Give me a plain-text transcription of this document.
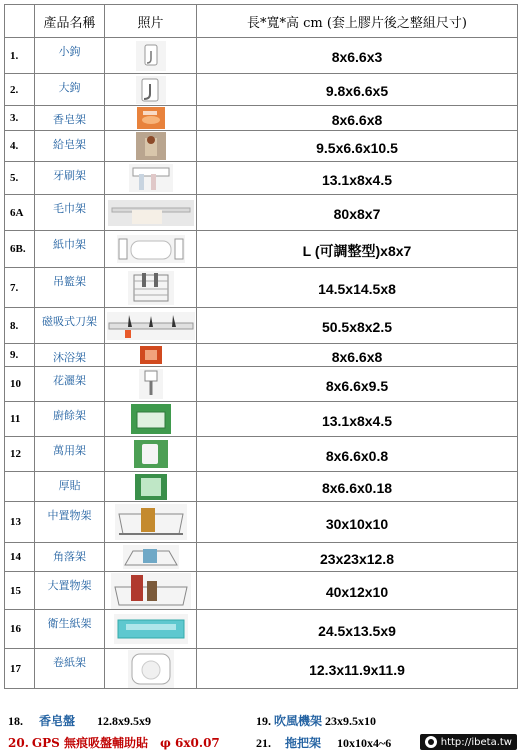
	產品名稱	照片	長*寬*高 cm (套上膠片後之整組尺寸)
1.	小鉤		8x6.6x3
2.	大鉤		9.8x6.6x5
3.	香皂架		8x6.6x8
4.	給皂架		9.5x6.6x10.5
5.	牙刷架		13.1x8x4.5
6A	毛巾架		80x8x7
6B.	紙巾架		L (可調整型)x8x7
7.	吊籃架		14.5x14.5x8
8.	磁吸式刀架		50.5x8x2.5
9.	沐浴架		8x6.6x8
10	花灑架		8x6.6x9.5
11	廚餘架		13.1x8x4.5
12	萬用架		8x6.6x0.8
	厚貼		8x6.6x0.18
13	中置物架		30x10x10
14	角落架		23x23x12.8
15	大置物架		40x12x10
16	衛生紙架		24.5x13.5x9
17	卷紙架		12.3x11.9x11.9
18. 香皂盤 12.8x9.5x9	19. 吹風機架 23x9.5x10
20. GPS 無痕吸盤輔助貼 φ 6x0.07	21. 拖把架 10x10x4~6	http://ibeta.tw
